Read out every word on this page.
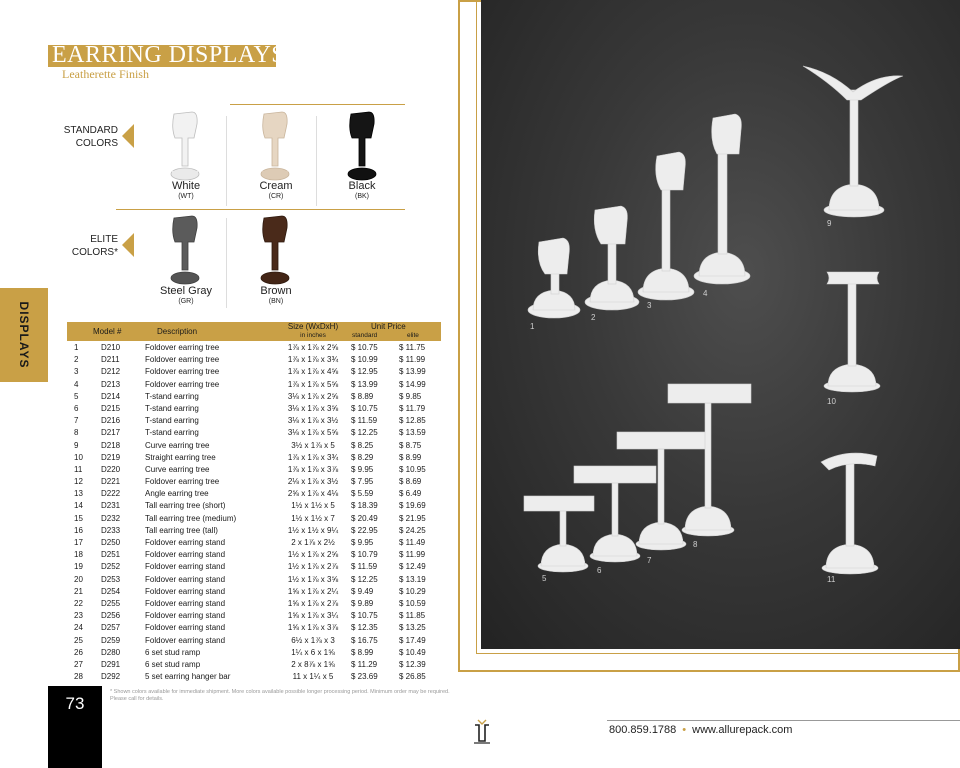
EARRING DISPLAYS
Leatherette Finish
STANDARD
COLORS
White
(WT)
Cream
(CR)
Black
(BK)
ELITE
COLORS*
Steel Gray
(GR)
Brown
(BN)
DISPLAYS	Model #	Description
Size (WxDxH)
in inches
Unit Price
standard	elite
1	D210	Foldover earring tree	1⅞ x 1⅞ x 2⅝	$ 10.75	$ 11.75
2	D211	Foldover earring tree	1⅞ x 1⅞ x 3¾	$ 10.99	$ 11.99
3	D212	Foldover earring tree	1⅞ x 1⅞ x 4⅝	$ 12.95	$ 13.99
4	D213	Foldover earring tree	1⅞ x 1⅞ x 5⅝	$ 13.99	$ 14.99
5	D214	T-stand earring	3⅛ x 1⅞ x 2⅝	$ 8.89	$ 9.85
6	D215	T-stand earring	3⅛ x 1⅞ x 3⅝	$ 10.75	$ 11.79
7	D216	T-stand earring	3⅛ x 1⅞ x 3½	$ 11.59	$ 12.85
8	D217	T-stand earring	3⅛ x 1⅞ x 5⅝	$ 12.25	$ 13.59
9	D218	Curve earring tree	3½ x 1⅞ x 5	$ 8.25	$ 8.75
10 D219	Straight earring tree	1⅞ x 1⅞ x 3¾	$ 8.29	$ 8.99
11 D220	Curve earring tree	1⅞ x 1⅞ x 3⅞	$ 9.95	$ 10.95
12 D221	Foldover earring tree	2⅛ x 1⅞ x 3½	$ 7.95	$ 8.69
13 D222	Angle earring tree	2⅝ x 1⅞ x 4⅛	$ 5.59	$ 6.49
14 D231	Tall earring tree (short)	1½ x 1½ x 5	$ 18.39	$ 19.69
15 D232	Tall earring tree (medium)	1½ x 1½ x 7	$ 20.49	$ 21.95
16 D233	Tall earring tree (tall)	1½ x 1½ x 9¼	$ 22.95	$ 24.25
17 D250	Foldover earring stand	2 x 1⅞ x 2½	$ 9.95	$ 11.49
18 D251	Foldover earring stand	1½ x 1⅞ x 2⅝	$ 10.79	$ 11.99
19 D252	Foldover earring stand	1½ x 1⅞ x 2⅞	$ 11.59	$ 12.49
20 D253	Foldover earring stand	1½ x 1⅞ x 3⅝	$ 12.25	$ 13.19
21 D254	Foldover earring stand	1⅝ x 1⅞ x 2¼	$ 9.49	$ 10.29
22 D255	Foldover earring stand	1⅝ x 1⅞ x 2⅞	$ 9.89	$ 10.59
23 D256	Foldover earring stand	1⅝ x 1⅞ x 3¼	$ 10.75	$ 11.85
24 D257	Foldover earring stand	1⅝ x 1⅞ x 3⅞	$ 12.35	$ 13.25
25 D259	Foldover earring stand	6½ x 1⅞ x 3	$ 16.75	$ 17.49
26 D280	6 set stud ramp	1¼ x 6 x 1⅝	$ 8.99	$ 10.49
27 D291	6 set stud ramp	2 x 8⅞ x 1⅝	$ 11.29	$ 12.39
28 D292	5 set earring hanger bar	11 x 1¼ x 5	$ 23.69	$ 26.85
* Shown colors available for immediate shipment. More colors available possible longer processing period. Minimum order may be required. Please call for details.
73
1
2
3
4
5
6
7
8
9
10
11
800.859.1788 • www.allurepack.com
